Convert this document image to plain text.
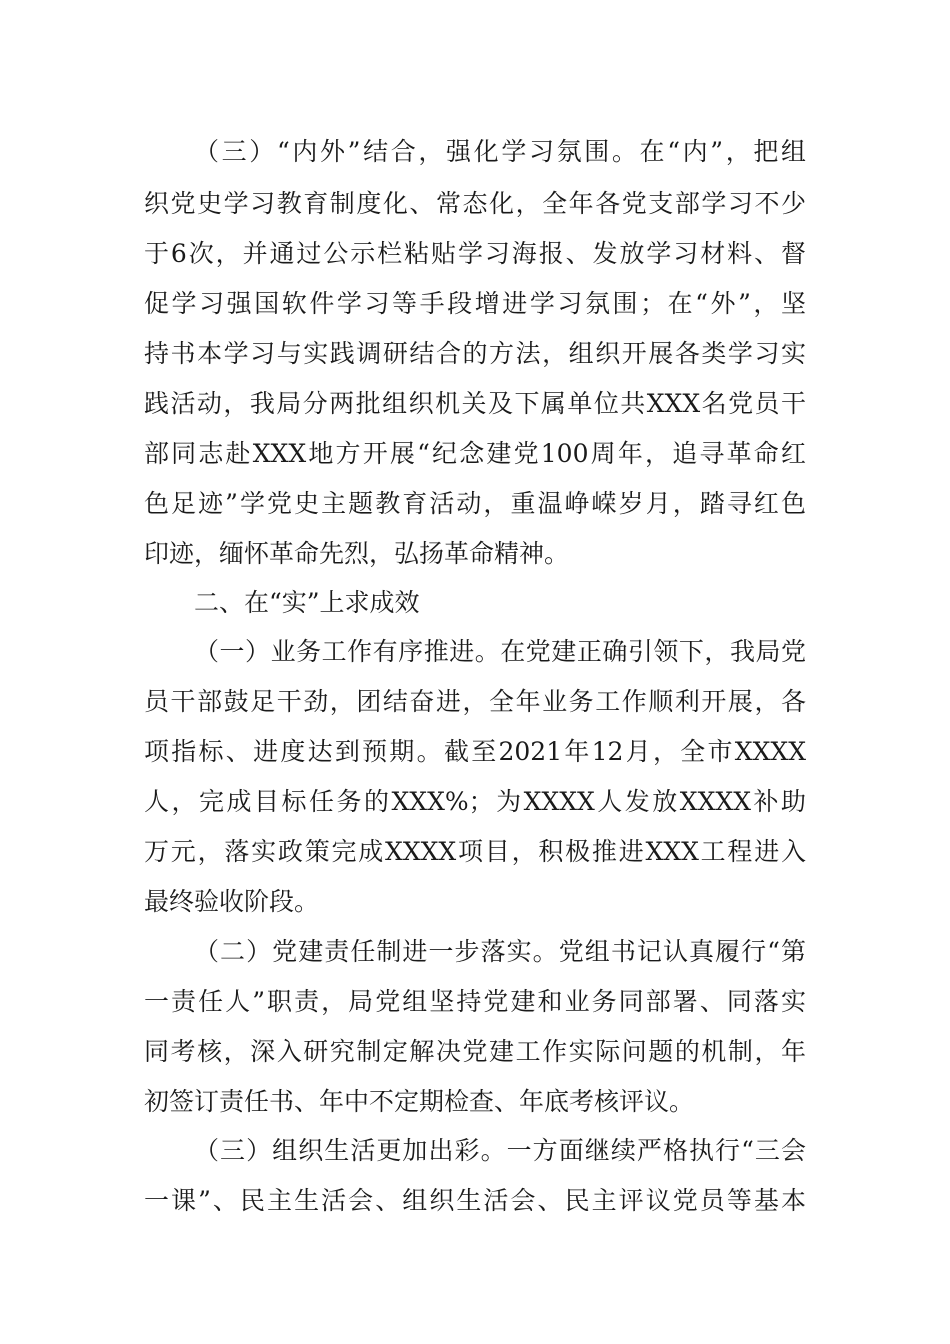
（三）“内外”结合，强化学习氛围。在“内”，把组
织党史学习教育制度化、常态化，全年各党支部学习不少
于6次，并通过公示栏粘贴学习海报、发放学习材料、督
促学习强国软件学习等手段增进学习氛围；在“外”，坚
持书本学习与实践调研结合的方法，组织开展各类学习实
践活动，我局分两批组织机关及下属单位共XXX名党员干
部同志赴XXX地方开展“纪念建党100周年，追寻革命红
色足迹”学党史主题教育活动，重温峥嵘岁月，踏寻红色
印迹，缅怀革命先烈，弘扬革命精神。
二、在“实”上求成效
（一）业务工作有序推进。在党建正确引领下，我局党
员干部鼓足干劲，团结奋进，全年业务工作顺利开展，各
项指标、进度达到预期。截至2021年12月，全市XXXX
人，完成目标任务的XXX%；为XXXX人发放XXXX补助
万元，落实政策完成XXXX项目，积极推进XXX工程进入
最终验收阶段。
（二）党建责任制进一步落实。党组书记认真履行“第
一责任人”职责，局党组坚持党建和业务同部署、同落实
同考核，深入研究制定解决党建工作实际问题的机制，年
初签订责任书、年中不定期检查、年底考核评议。
（三）组织生活更加出彩。一方面继续严格执行“三会
一课”、民主生活会、组织生活会、民主评议党员等基本
